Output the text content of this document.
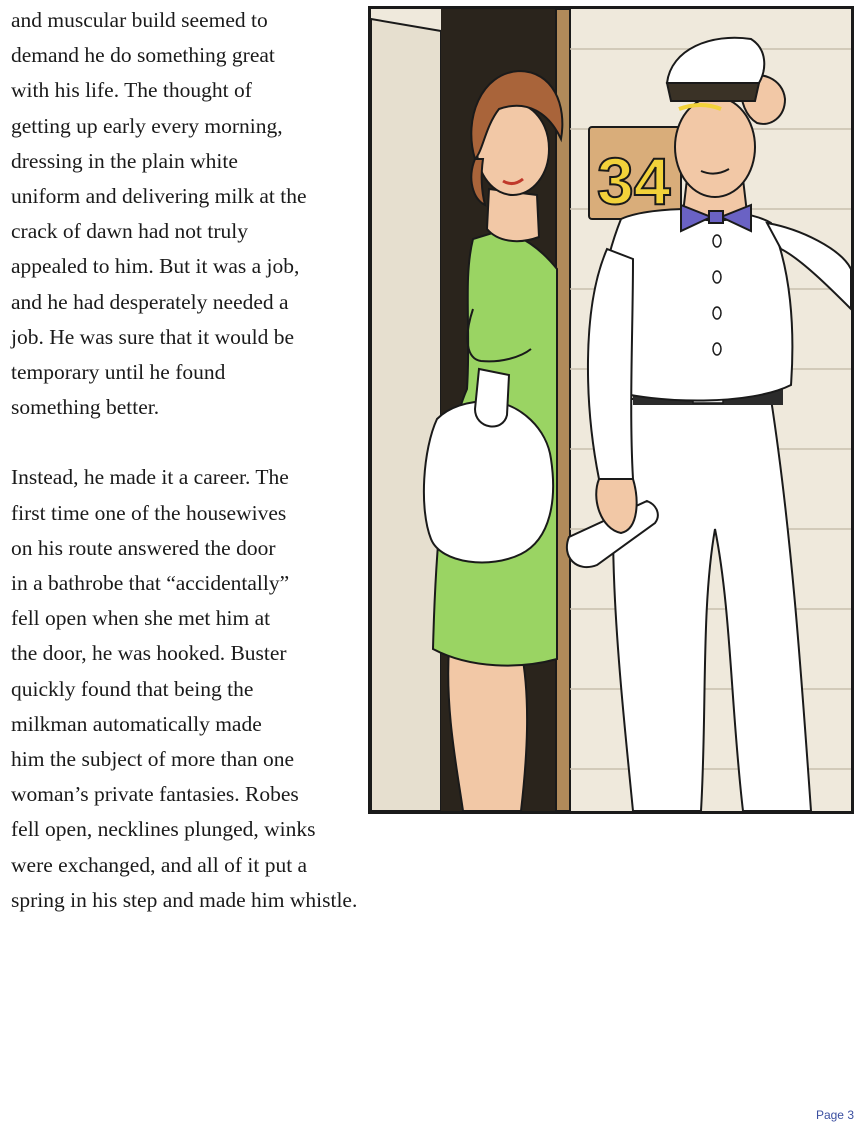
and muscular build seemed to
demand he do something great
with his life. The thought of
getting up early every morning,
dressing in the plain white
uniform and delivering milk at the
crack of dawn had not truly
appealed to him. But it was a job,
and he had desperately needed a
job. He was sure that it would be
temporary until he found
something better.
Instead, he made it a career. The
first time one of the housewives
on his route answered the door
in a bathrobe that “accidentally”
fell open when she met him at
the door, he was hooked. Buster
quickly found that being the
milkman automatically made
him the subject of more than one
woman’s private fantasies. Robes
fell open, necklines plunged, winks
were exchanged, and all of it put a
spring in his step and made him whistle.
34
Page 3
